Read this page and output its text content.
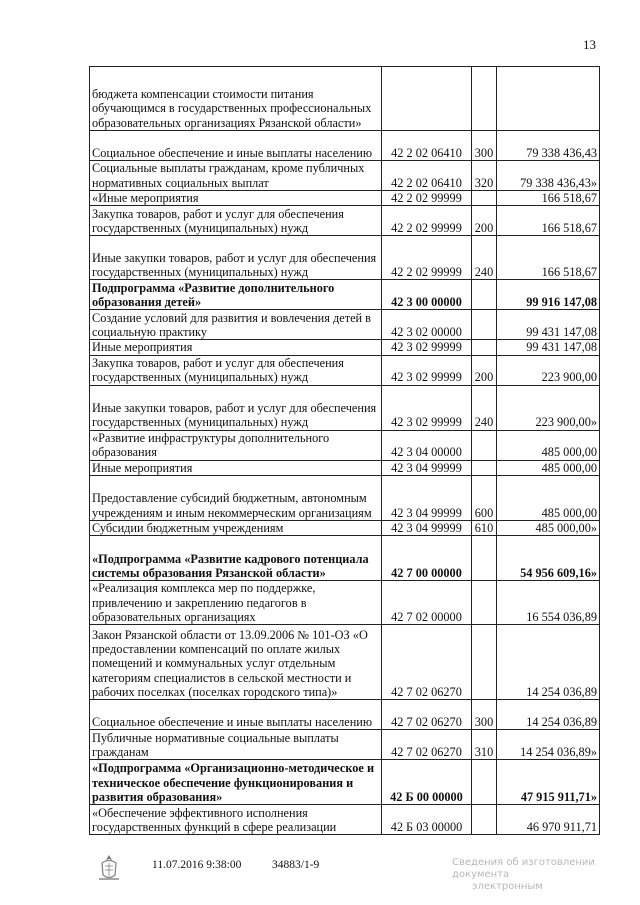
13
бюджета компенсации стоимости питания обучающимся в государственных профессиональных образовательных организациях Рязанской области»			
Социальное обеспечение и иные выплаты населению	42 2 02 06410	300	79 338 436,43
Социальные выплаты гражданам, кроме публичных нормативных социальных выплат	42 2 02 06410	320	79 338 436,43»
«Иные мероприятия	42 2 02 99999		166 518,67
Закупка товаров, работ и услуг для обеспечения государственных (муниципальных) нужд	42 2 02 99999	200	166 518,67
Иные закупки товаров, работ и услуг для обеспечения государственных (муниципальных) нужд	42 2 02 99999	240	166 518,67
Подпрограмма «Развитие дополнительного образования детей»	42 3 00 00000		99 916 147,08
Создание условий для развития и вовлечения детей в социальную практику	42 3 02 00000		99 431 147,08
Иные мероприятия	42 3 02 99999		99 431 147,08
Закупка товаров, работ и услуг для обеспечения государственных (муниципальных) нужд	42 3 02 99999	200	223 900,00
Иные закупки товаров, работ и услуг для обеспечения государственных (муниципальных) нужд	42 3 02 99999	240	223 900,00»
«Развитие инфраструктуры дополнительного образования	42 3 04 00000		485 000,00
Иные мероприятия	42 3 04 99999		485 000,00
Предоставление субсидий бюджетным, автономным учреждениям и иным некоммерческим организациям	42 3 04 99999	600	485 000,00
Субсидии бюджетным учреждениям	42 3 04 99999	610	485 000,00»
«Подпрограмма «Развитие кадрового потенциала системы образования Рязанской области»	42 7 00 00000		54 956 609,16»
«Реализация комплекса мер по поддержке, привлечению и закреплению педагогов в образовательных организациях	42 7 02 00000		16 554 036,89
Закон Рязанской области от 13.09.2006 № 101-ОЗ «О предоставлении компенсаций по оплате жилых помещений и коммунальных услуг отдельным категориям специалистов в сельской местности и рабочих поселках (поселках городского типа)»	42 7 02 06270		14 254 036,89
Социальное обеспечение и иные выплаты населению	42 7 02 06270	300	14 254 036,89
Публичные нормативные социальные выплаты гражданам	42 7 02 06270	310	14 254 036,89»
«Подпрограмма «Организационно-методическое и техническое обеспечение функционирования и развития образования»	42 Б 00 00000		47 915 911,71»
«Обеспечение эффективного исполнения государственных функций в сфере реализации	42 Б 03 00000		46 970 911,71
11.07.2016 9:38:00	34883/1-9	Сведения об изготовлении документа
электронным
